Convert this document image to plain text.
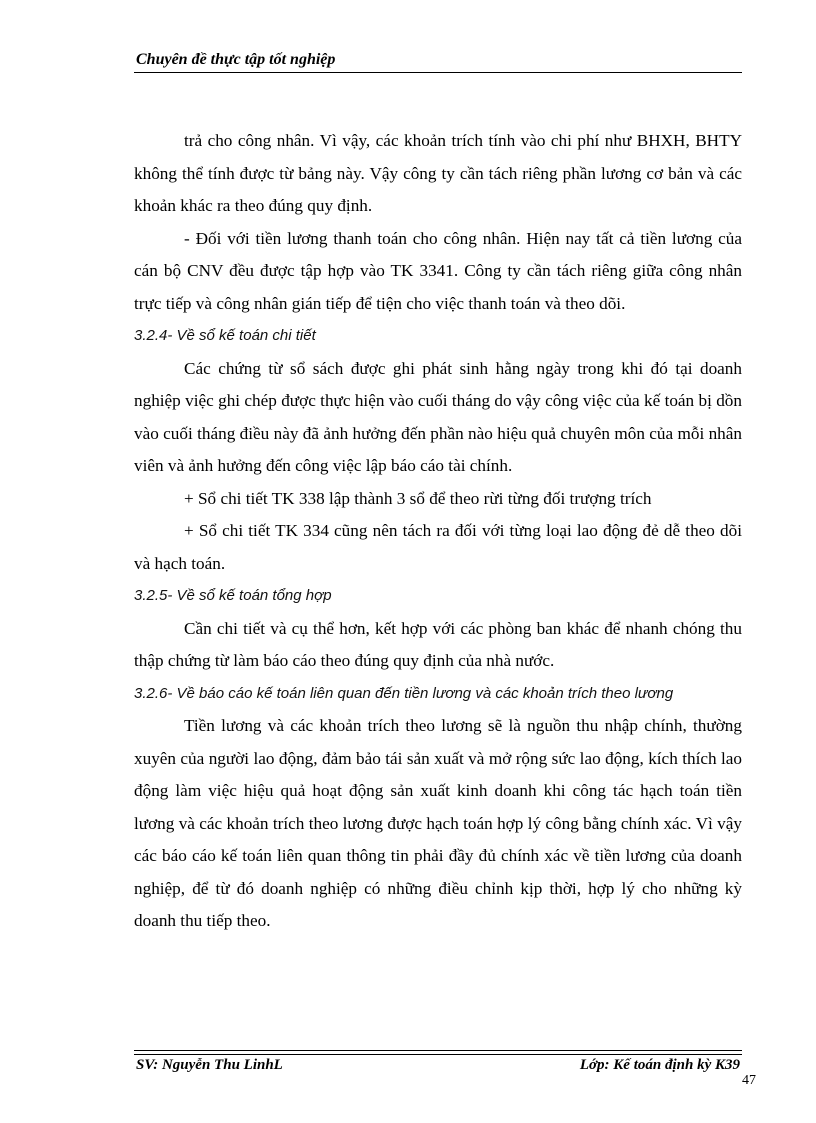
Chuyên đề thực tập tốt nghiệp

trả cho công nhân. Vì vậy, các khoản trích tính vào chi phí như BHXH, BHTY không thể tính được từ bảng này. Vậy công ty cần tách riêng phần lương cơ bản và các khoản khác ra theo đúng quy định.

- Đối với tiền lương thanh toán cho công nhân. Hiện nay tất cả tiền lương của cán bộ CNV đều được tập hợp vào TK 3341. Công ty cần tách riêng giữa công nhân trực tiếp và công nhân gián tiếp để tiện cho việc thanh toán và theo dõi.

3.2.4- Về sổ kế toán chi tiết

Các chứng từ sổ sách được ghi phát sinh hằng ngày trong khi đó tại doanh nghiệp việc ghi chép được thực hiện vào cuối tháng do vậy công việc của kế toán bị dồn vào cuối tháng điều này đã ảnh hưởng đến phần nào hiệu quả chuyên môn của mỗi nhân viên và ảnh hưởng đến công việc lập báo cáo tài chính.

+ Sổ chi tiết TK 338 lập thành 3 sổ để theo rừi từng đối trượng trích

+ Sổ chi tiết TK 334 cũng nên tách ra đối với từng loại lao động đẻ dễ theo dõi và hạch toán.

3.2.5- Về sổ kế toán tổng hợp

Cần chi tiết và cụ thể hơn, kết hợp với các phòng ban khác để nhanh chóng thu thập chứng từ làm báo cáo theo đúng quy định của nhà nước.

3.2.6- Về báo cáo kế toán liên quan đến tiền lương và các khoản trích theo lương

Tiền lương và các khoản trích theo lương sẽ là nguồn thu nhập chính, thường xuyên của người lao động, đảm bảo tái sản xuất và mở rộng sức lao động, kích thích lao động làm việc hiệu quả hoạt động sản xuất kinh doanh khi công tác hạch toán tiền lương và các khoản trích theo lương được hạch toán hợp lý công bằng chính xác. Vì vậy các báo cáo kế toán liên quan thông tin phải đầy đủ chính xác về tiền lương của doanh nghiệp, để từ đó doanh nghiệp có những điều chỉnh kịp thời, hợp lý cho những kỳ doanh thu tiếp theo.

SV: Nguyễn Thu LinhL	Lớp: Kế toán định kỳ K39
47
